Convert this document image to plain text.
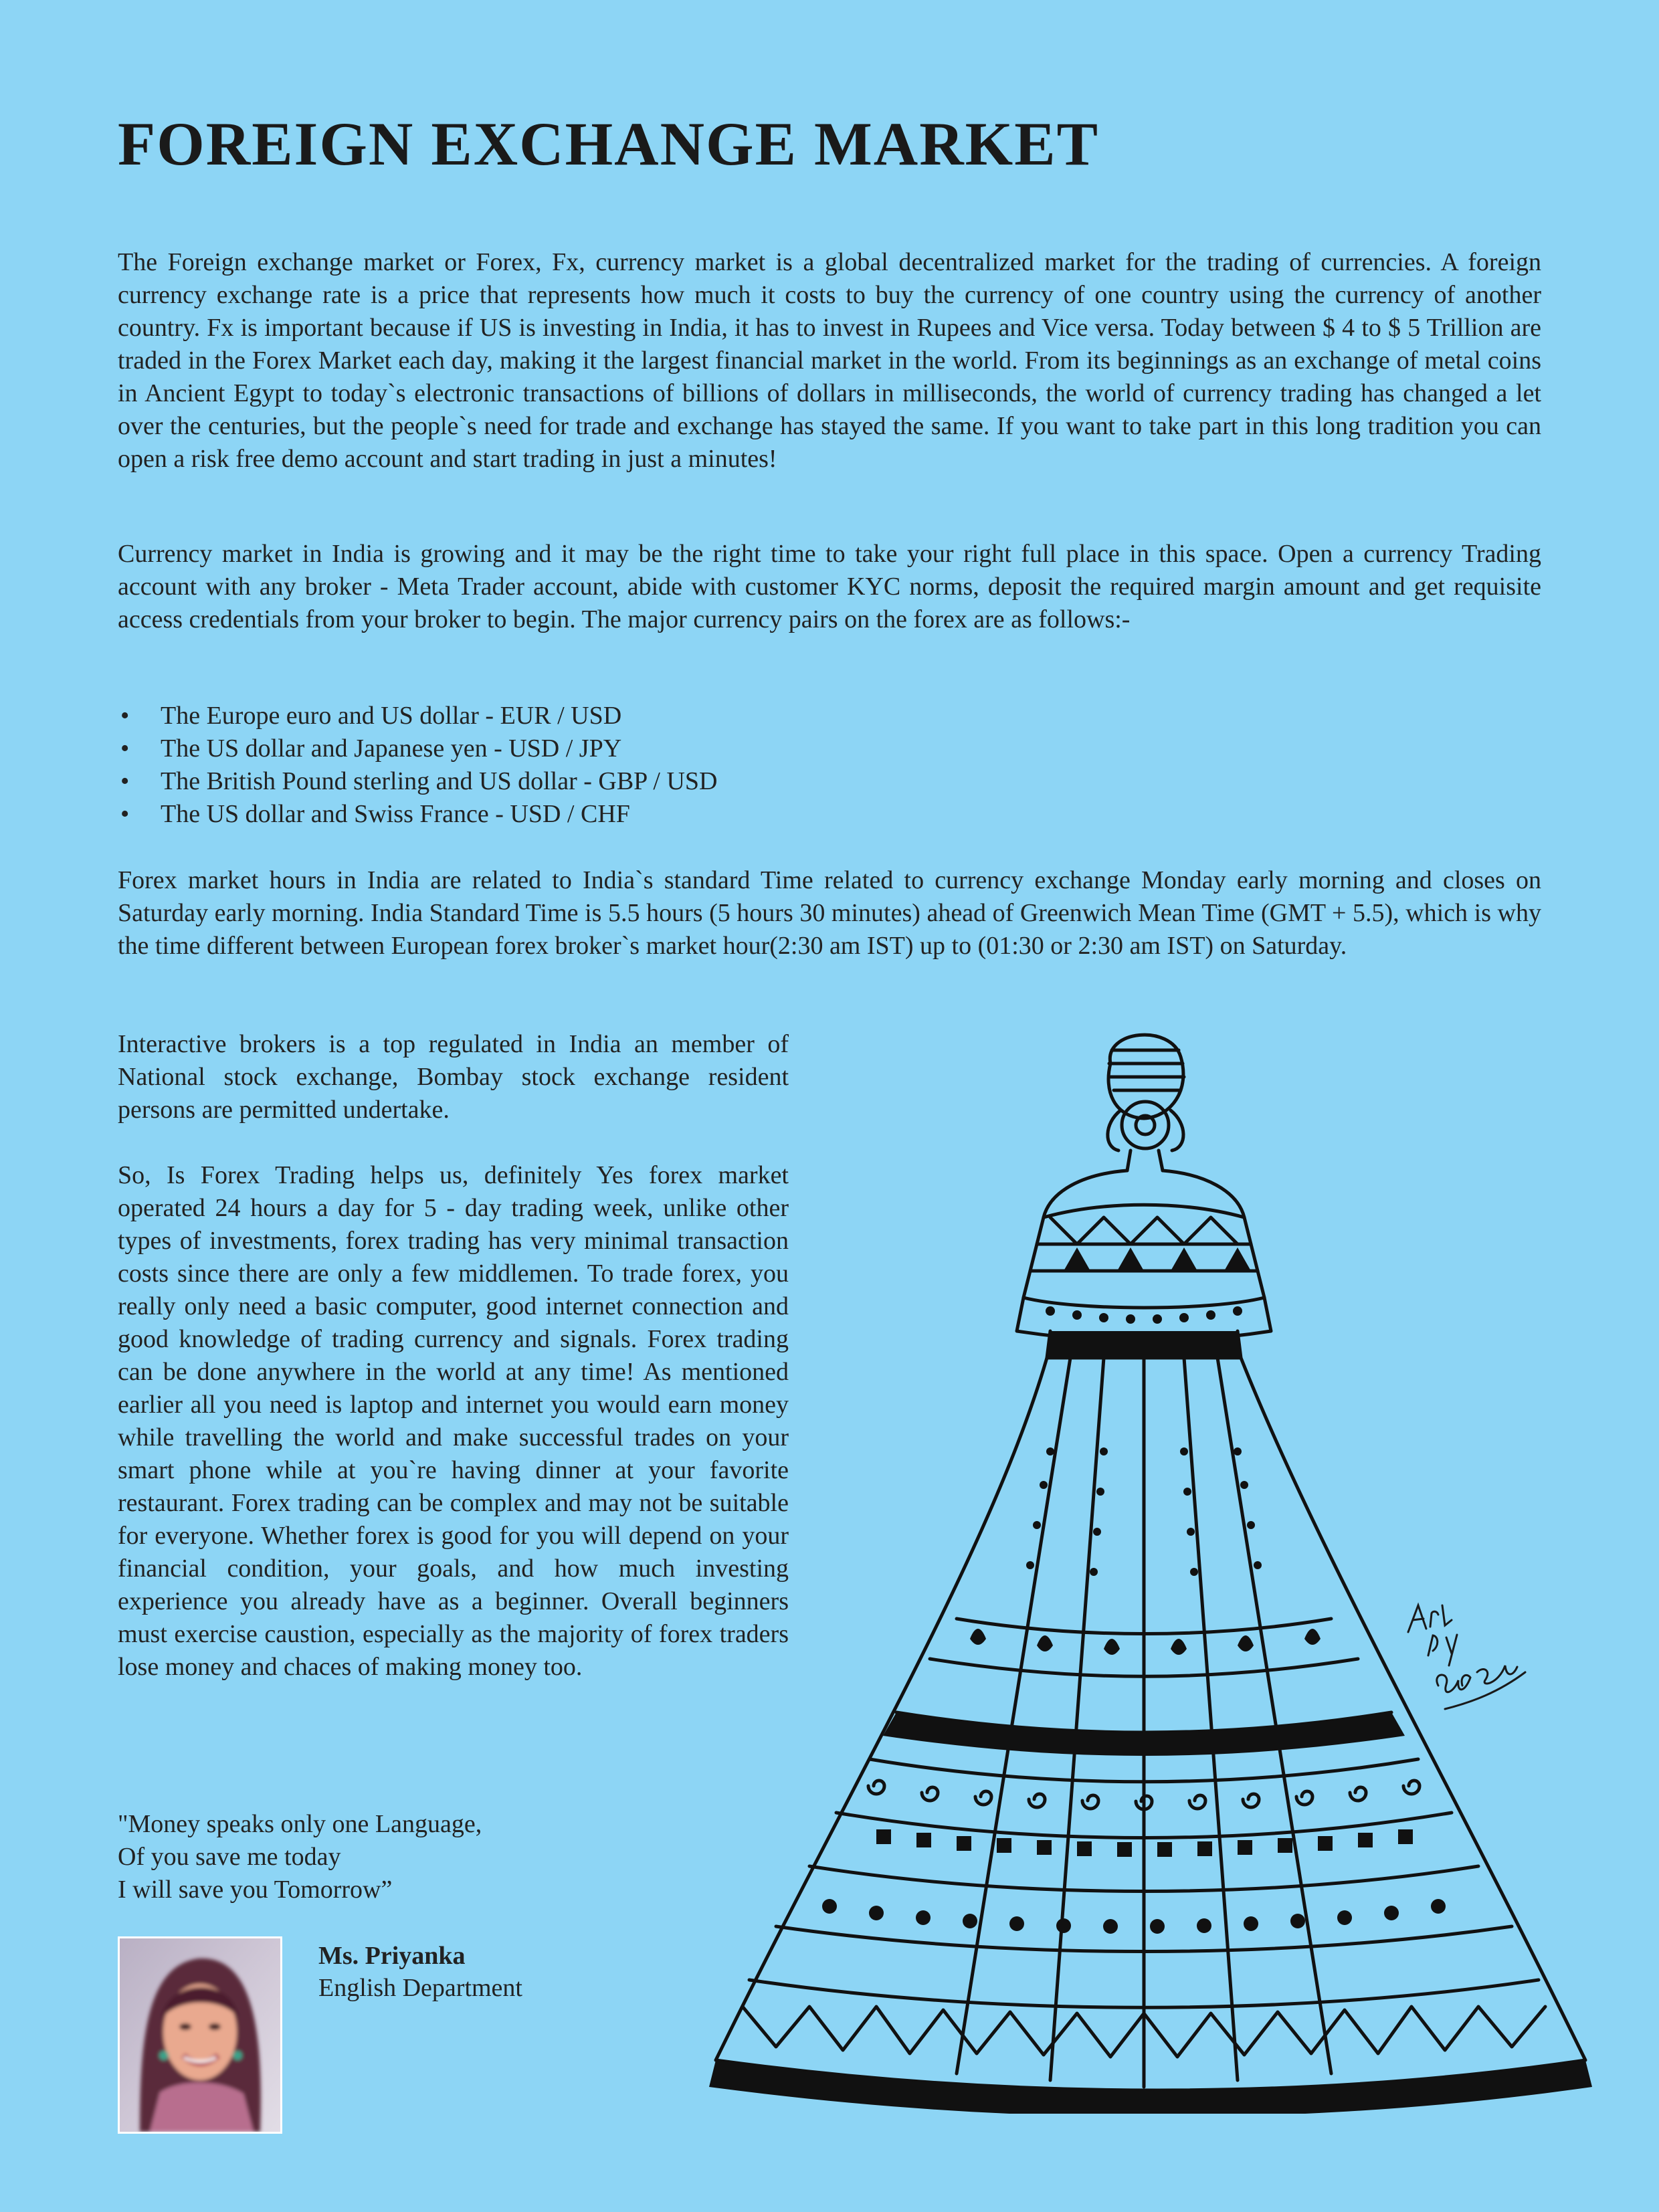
FOREIGN EXCHANGE MARKET

The Foreign exchange market or Forex, Fx, currency market is a global decentralized market for the trading of currencies. A foreign currency exchange rate is a price that represents how much it costs to buy the currency of one country using the currency of another country. Fx is important because if US is investing in India, it has to invest in Rupees and Vice versa. Today between $ 4 to $ 5 Trillion are traded in the Forex Market each day, making it the largest financial market in the world. From its beginnings as an exchange of metal coins in Ancient Egypt to today`s electronic transactions of billions of dollars in milliseconds, the world of currency trading has changed a let over the centuries, but the people`s need for trade and exchange has stayed the same. If you want to take part in this long tradition you can open a risk free demo account and start trading in just a minutes!

Currency market in India is growing and it may be the right time to take your right full place in this space. Open a currency Trading account with any broker - Meta Trader account, abide with customer KYC norms, deposit the required margin amount and get requisite access credentials from your broker to begin. The major currency pairs on the forex are as follows:-

• The Europe euro and US dollar - EUR / USD
• The US dollar and Japanese yen - USD / JPY
• The British Pound sterling and US dollar - GBP / USD
• The US dollar and Swiss France - USD / CHF

Forex market hours in India are related to India`s standard Time related to currency exchange Monday early morning and closes on Saturday early morning. India Standard Time is 5.5 hours (5 hours 30 minutes) ahead of Greenwich Mean Time (GMT + 5.5), which is why the time different between European forex broker`s market hour(2:30 am IST) up to (01:30 or 2:30 am IST) on Saturday.

Interactive brokers is a top regulated in India an member of National stock exchange, Bombay stock exchange resident persons are permitted undertake.

So, Is Forex Trading helps us, definitely Yes forex market operated 24 hours a day for 5 - day trading week, unlike other types of investments, forex trading has very minimal transaction costs since there are only a few middlemen. To trade forex, you really only need a basic computer, good internet connection and good knowledge of trading currency and signals. Forex trading can be done anywhere in the world at any time! As mentioned earlier all you need is laptop and internet you would earn money while travelling the world and make successful trades on your smart phone while at you`re having dinner at your favorite restaurant. Forex trading can be complex and may not be suitable for everyone. Whether forex is good for you will depend on your financial condition, your goals, and how much investing experience you already have as a beginner. Overall beginners must exercise caustion, especially as the majority of forex traders lose money and chaces of making money too.

"Money speaks only one Language,
Of you save me today
I will save you Tomorrow”
Ms. Priyanka
English Department
